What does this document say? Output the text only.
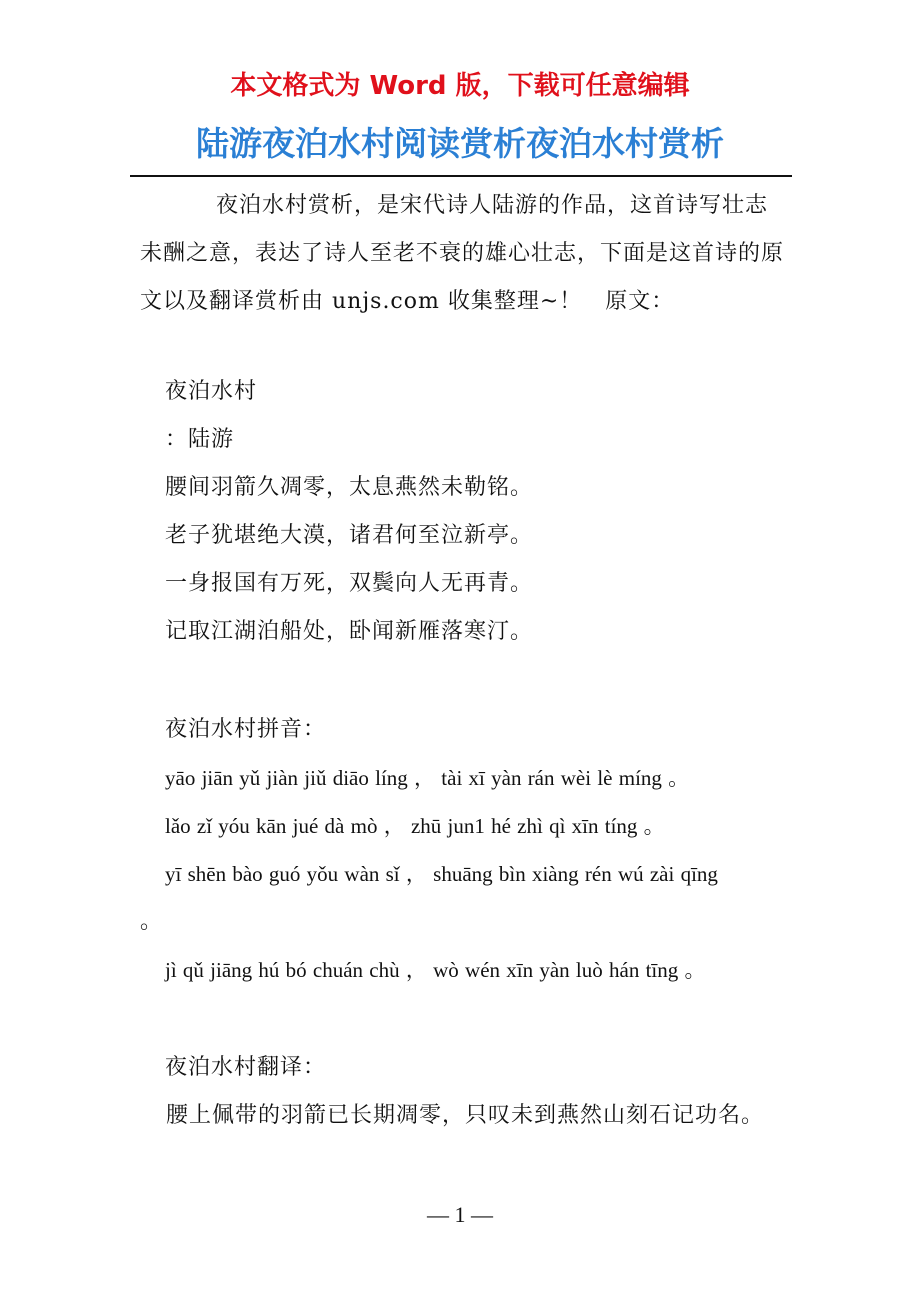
本文格式为 Word 版，下载可任意编辑
陆游夜泊水村阅读赏析夜泊水村赏析

夜泊水村赏析，是宋代诗人陆游的作品，这首诗写壮志未酬之意，表达了诗人至老不衰的雄心壮志，下面是这首诗的原文以及翻译赏析由 unjs.com 收集整理~！　原文：

夜泊水村
：陆游
腰间羽箭久凋零，太息燕然未勒铭。
老子犹堪绝大漠，诸君何至泣新亭。
一身报国有万死，双鬓向人无再青。
记取江湖泊船处，卧闻新雁落寒汀。
夜泊水村拼音：
yāo jiān yǔ jiàn jiǔ diāo líng ， tài xī yàn rán wèi lè míng 。
lǎo zǐ yóu kān jué dà mò ， zhū jun1 hé zhì qì xīn tíng 。
yī shēn bào guó yǒu wàn sǐ ， shuāng bìn xiàng rén wú zài qīng
。
jì qǔ jiāng hú bó chuán chù ， wò wén xīn yàn luò hán tīng 。
夜泊水村翻译：

腰上佩带的羽箭已长期凋零，只叹未到燕然山刻石记功名。

— 1 —
